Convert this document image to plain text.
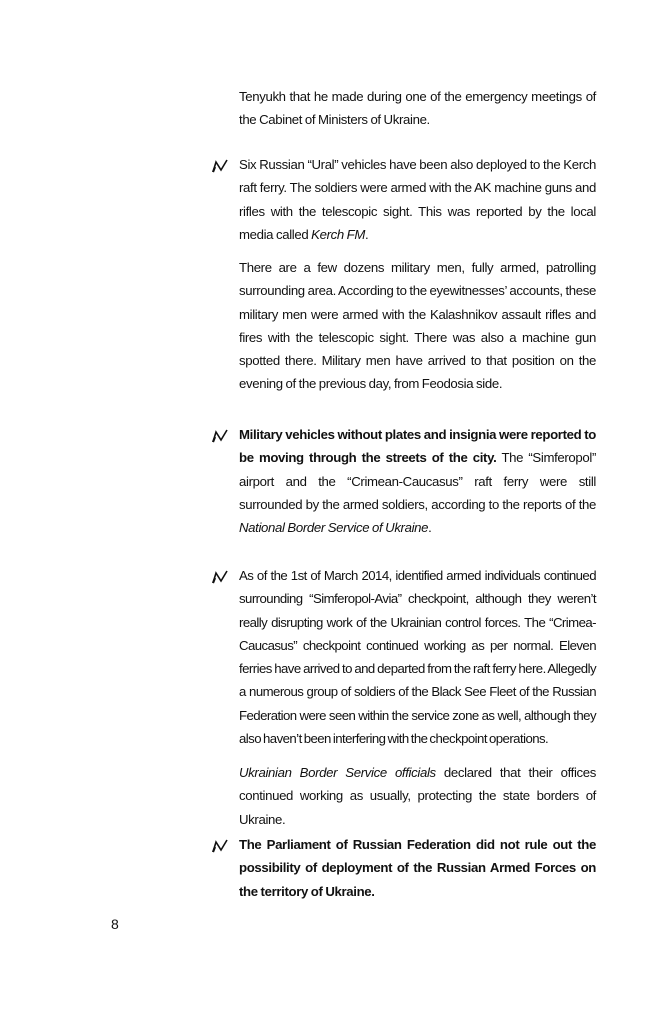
Tenyukh that he made during one of the emergency meetings of the Cabinet of Ministers of Ukraine.
Six Russian “Ural” vehicles have been also deployed to the Kerch raft ferry. The soldiers were armed with the AK machine guns and rifles with the telescopic sight. This was reported by the local media called Kerch FM.
There are a few dozens military men, fully armed, patrolling surrounding area. According to the eyewitnesses’ accounts, these military men were armed with the Kalashnikov assault rifles and fires with the telescopic sight. There was also a machine gun spotted there. Military men have arrived to that position on the evening of the previous day, from Feodosia side.
Military vehicles without plates and insignia were reported to be moving through the streets of the city. The “Simferopol” airport and the “Crimean-Caucasus” raft ferry were still surrounded by the armed soldiers, according to the reports of the National Border Service of Ukraine.
As of the 1st of March 2014, identified armed individuals continued surrounding “Simferopol-Avia” checkpoint, although they weren’t really disrupting work of the Ukrainian control forces. The “Crimea-Caucasus” checkpoint continued working as per normal. Eleven ferries have arrived to and departed from the raft ferry here. Allegedly a numerous group of soldiers of the Black See Fleet of the Russian Federation were seen within the service zone as well, although they also haven’t been interfering with the checkpoint operations.
Ukrainian Border Service officials declared that their offices continued working as usually, protecting the state borders of Ukraine.
The Parliament of Russian Federation did not rule out the possibility of deployment of the Russian Armed Forces on the territory of Ukraine.
8
